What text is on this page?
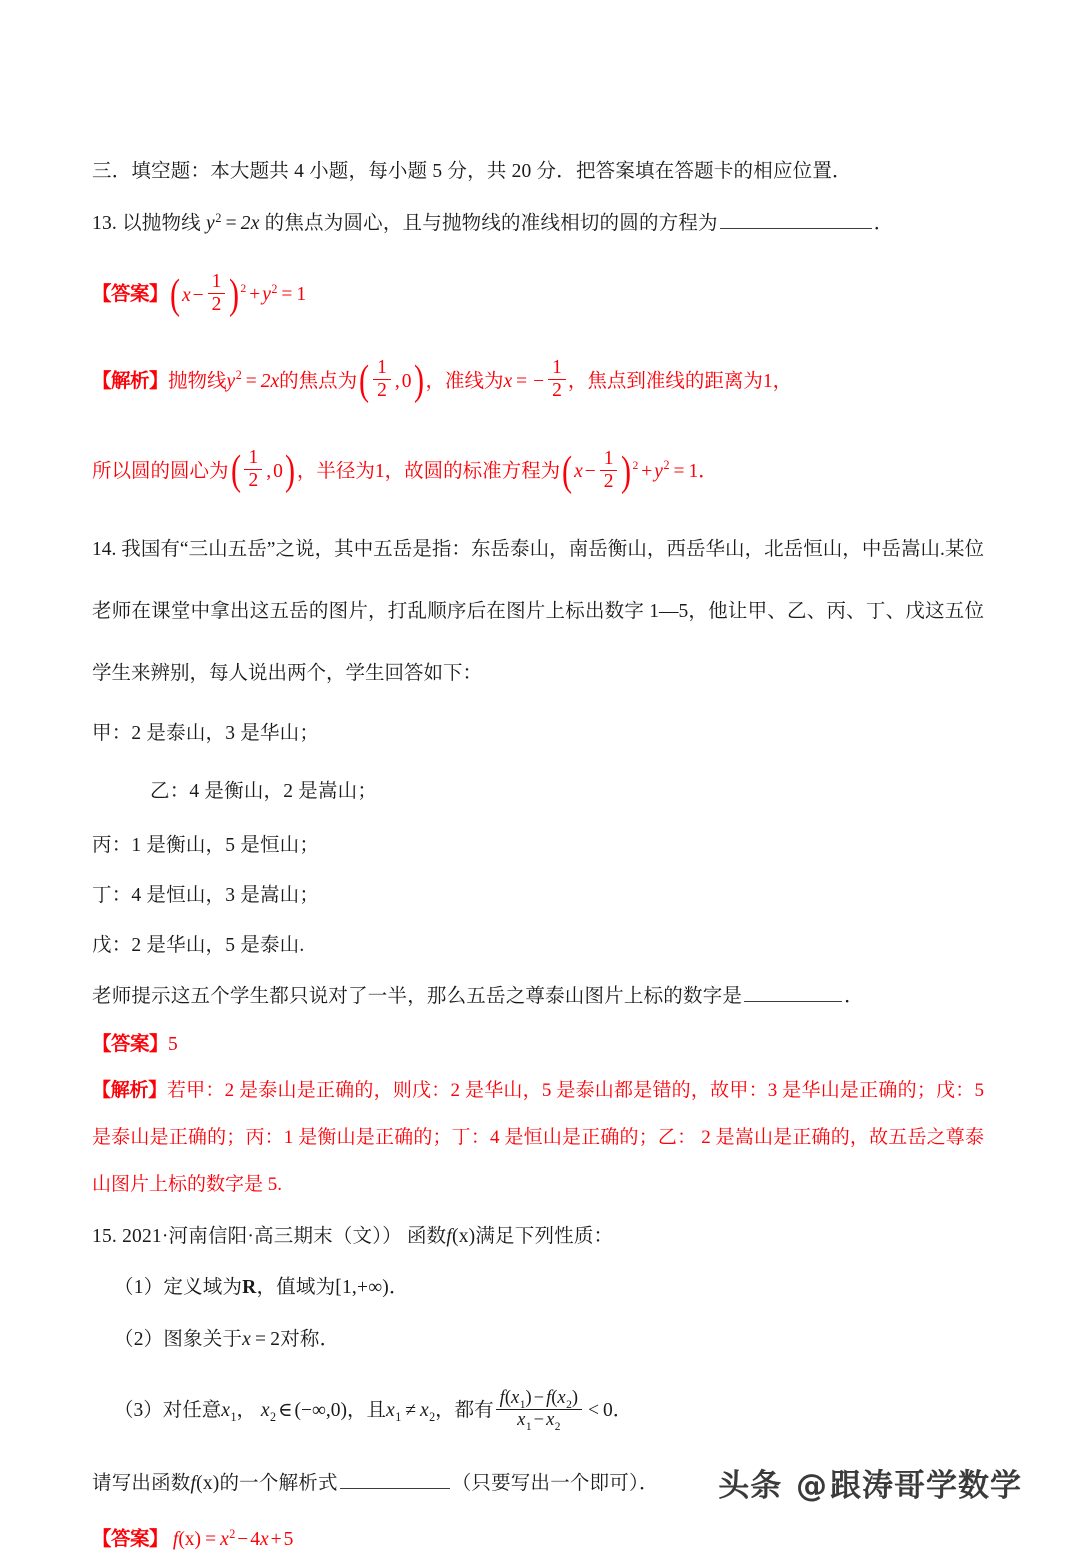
三．填空题：本大题共 4 小题，每小题 5 分，共 20 分．把答案填在答题卡的相应位置．
13. 以抛物线 $y^2 = 2x$ 的焦点为圆心，且与抛物线的准线相切的圆的方程为	．
【答案】( $x - \frac{1}{2} )^2 + y^2 = 1$
【解析】抛物线$y^2 = 2x$的焦点为( $\frac{1}{2}$ , 0) ，准线为x = − $\frac{1}{2}$ ，焦点到准线的距离为1，
所以圆的圆心为( $\frac{1}{2}$ , 0) ，半径为1，故圆的标准方程为( $x - \frac{1}{2} )^2 + y^2 = 1$．
14. 我国有“三山五岳”之说，其中五岳是指：东岳泰山，南岳衡山，西岳华山，北岳恒山，中岳嵩山.某位老师在课堂中拿出这五岳的图片，打乱顺序后在图片上标出数字 1—5，他让甲、乙、丙、丁、戊这五位学生来辨别，每人说出两个，学生回答如下：
甲：2 是泰山，3 是华山；
乙：4 是衡山，2 是嵩山；
丙：1 是衡山，5 是恒山；
丁：4 是恒山，3 是嵩山；
戊：2 是华山，5 是泰山.
老师提示这五个学生都只说对了一半，那么五岳之尊泰山图片上标的数字是	．
【答案】5
【解析】若甲：2 是泰山是正确的，则戊：2 是华山，5 是泰山都是错的，故甲：3 是华山是正确的；戊：5 是泰山是正确的；丙：1 是衡山是正确的；丁：4 是恒山是正确的；乙： 2 是嵩山是正确的，故五岳之尊泰山图片上标的数字是 5.
15. 2021·河南信阳·高三期末（文）） 函数f(x)满足下列性质：
（1）定义域为R，值域为[1,+∞)．
（2）图象关于x = 2对称．
（3）对任意$x_1$， $x_2$ ∈ (−∞,0)，且$x_1 \ne x_2$，都有 $\frac{f(x_1) - f(x_2)}{x_1 - x_2} < 0$．
请写出函数f(x)的一个解析式	（只要写出一个即可）．
【答案】 $f(x) = x^2 - 4x + 5$
头条 @跟涛哥学数学
